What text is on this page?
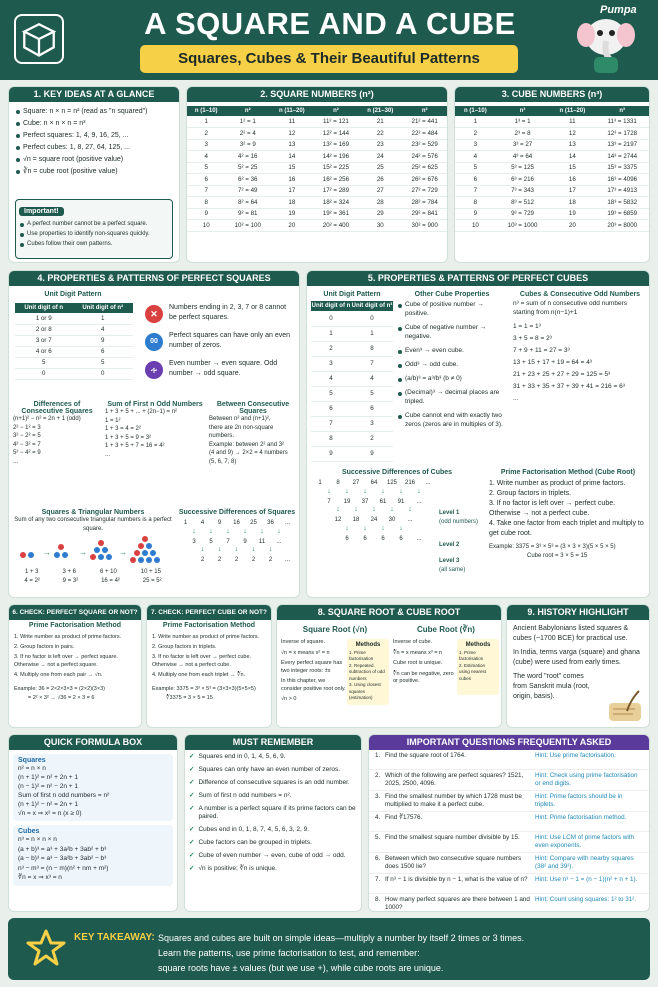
A SQUARE AND A CUBE
Squares, Cubes & Their Beautiful Patterns
Pumpa
1. KEY IDEAS AT A GLANCE
Square: n × n = n² (read as "n squared")
Cube: n × n × n = n³
Perfect squares: 1, 4, 9, 16, 25, ...
Perfect cubes: 1, 8, 27, 64, 125, ...
√n = square root (positive value)
∛n = cube root (positive value)
Important!
A perfect number cannot be a perfect square.
Use properties to identify non-squares quickly.
Cubes follow their own patterns.
2. SQUARE NUMBERS (n²)
n (1–10)	n²	n (11–20)	n²	n (21–30)	n²
1	1² = 1	11	11² = 121	21	21² = 441
2	2² = 4	12	12² = 144	22	22² = 484
3	3² = 9	13	13² = 169	23	23² = 529
4	4² = 16	14	14² = 196	24	24² = 576
5	5² = 25	15	15² = 225	25	25² = 625
6	6² = 36	16	16² = 256	26	26² = 676
7	7² = 49	17	17² = 289	27	27² = 729
8	8² = 64	18	18² = 324	28	28² = 784
9	9² = 81	19	19² = 361	29	29² = 841
10	10² = 100	20	20² = 400	30	30² = 900
3. CUBE NUMBERS (n³)
n (1–10)	n³	n (11–20)	n³
1	1³ = 1	11	11³ = 1331
2	2³ = 8	12	12³ = 1728
3	3³ = 27	13	13³ = 2197
4	4³ = 64	14	14³ = 2744
5	5³ = 125	15	15³ = 3375
6	6³ = 216	16	16³ = 4096
7	7³ = 343	17	17³ = 4913
8	8³ = 512	18	18³ = 5832
9	9³ = 729	19	19³ = 6859
10	10³ = 1000	20	20³ = 8000
4. PROPERTIES & PATTERNS OF PERFECT SQUARES
Unit Digit Pattern
Unit digit of n	Unit digit of n²
1 or 9	1
2 or 8	4
3 or 7	9
4 or 6	6
5	5
0	0
✕
Numbers ending in 2, 3, 7 or 8 cannot be perfect squares.
00
Perfect squares can have only an even number of zeros.
∻
Even number → even square. Odd number → odd square.
Differences of Consecutive Squares
(n+1)² − n² = 2n + 1 (odd)
2² − 1² = 3
3² − 2² = 5
4² − 3² = 7
5² − 4² = 9
...
Sum of First n Odd Numbers
1 + 3 + 5 + ... + (2n−1) = n²
1 = 1²
1 + 3 = 4 = 2²
1 + 3 + 5 = 9 = 3²
1 + 3 + 5 + 7 = 16 = 4²
...
Between Consecutive Squares
Between n² and (n+1)²,
there are 2n non-square
numbers.
Example: between 2² and 3²
(4 and 9) → 2×2 = 4 numbers
(5, 6, 7, 8)
Squares & Triangular Numbers
Sum of any two consecutive triangular numbers is a perfect square.
→	→	→
1 + 3	3 + 6	6 + 10	10 + 15
4 = 2²	9 = 3²	16 = 4²	25 = 5²
Successive Differences of Squares
1	4	9	16	25	36	...
↓	↓	↓	↓	↓	↓
3	5	7	9	11	...
↓	↓	↓	↓	↓
2	2	2	2	2	...
5. PROPERTIES & PATTERNS OF PERFECT CUBES
Unit Digit Pattern
Unit digit of n	Unit digit of n³
0	0
1	1
2	8
3	7
4	4
5	5
6	6
7	3
8	2
9	9
Other Cube Properties
Cube of positive number → positive.
Cube of negative number → negative.
Even³ → even cube.
Odd³ → odd cube.
(a/b)³ = a³/b³ (b ≠ 0)
(Decimal)³ → decimal places are tripled.
Cube cannot end with exactly two zeros (zeros are in multiples of 3).
Cubes & Consecutive Odd Numbers
n³ = sum of n consecutive odd numbers starting from n(n−1)+1
1 = 1 = 1³
3 + 5 = 8 = 2³
7 + 9 + 11 = 27 = 3³
13 + 15 + 17 + 19 = 64 = 4³
21 + 23 + 25 + 27 + 29 = 125 = 5³
31 + 33 + 35 + 37 + 39 + 41 = 216 = 6³
...
Successive Differences of Cubes
1	8	27	64	125	216	...
↓	↓	↓	↓	↓	↓
7	19	37	61	91	...
↓	↓	↓	↓	↓
12	18	24	30	...
↓	↓	↓	↓
6	6	6	6	...
Level 1
(odd numbers)
Level 2
Level 3
(all same)
Prime Factorisation Method (Cube Root)
1. Write number as product of prime factors.
2. Group factors in triplets.
3. If no factor is left over → perfect cube. Otherwise → not a perfect cube.
4. Take one factor from each triplet and multiply to get cube root.
Example: 3375 = 3³ × 5³ = (3 × 3 × 3)(5 × 5 × 5)
Cube root = 3 × 5 = 15
6. CHECK: PERFECT SQUARE OR NOT?
Prime Factorisation Method
1. Write number as product of prime factors.
2. Group factors in pairs.
3. If no factor is left over → perfect square. Otherwise → not a perfect square.
4. Multiply one from each pair → √n.
Example: 36 = 2×2×3×3 = (2×2)(3×3)
= 2² × 3² → √36 = 2 × 3 = 6
7. CHECK: PERFECT CUBE OR NOT?
Prime Factorisation Method
1. Write number as product of prime factors.
2. Group factors in triplets.
3. If no factor is left over → perfect cube. Otherwise → not a perfect cube.
4. Multiply one from each triplet → ∛n.
Example: 3375 = 3³ × 5³ = (3×3×3)(5×5×5)
∛3375 = 3 × 5 = 15
8. SQUARE ROOT & CUBE ROOT
Square Root (√n)
Inverse of square.
√n = x means x² = n
Every perfect square has two integer roots: ±x
In this chapter, we consider positive root only.
√n > 0
Methods
1. Prime factorisation
2. Repeated subtraction of odd numbers
3. Using closest squares (estimation)
Cube Root (∛n)
Inverse of cube.
∛n = x means x³ = n
Cube root is unique.
∛n can be negative, zero or positive.
Methods
1. Prime factorisation
2. Estimation using nearest cubes
9. HISTORY HIGHLIGHT
Ancient Babylonians listed squares & cubes (~1700 BCE) for practical use.
In India, terms varga (square) and ghana (cube) were used from early times.
The word "root" comes from Sanskrit mula (root, origin, basis).
QUICK FORMULA BOX
Squares
n² = n × n
(n + 1)² = n² + 2n + 1
(n − 1)² = n² − 2n + 1
Sum of first n odd numbers = n²
(n + 1)² − n² = 2n + 1
√n = x ⇒ x² = n (x ≥ 0)
Cubes
n³ = n × n × n
(a + b)³ = a³ + 3a²b + 3ab² + b³
(a − b)³ = a³ − 3a²b + 3ab² − b³
n³ − m³ = (n − m)(n² + nm + m²)
∛n = x ⇒ x³ = n
MUST REMEMBER
✓ Squares end in 0, 1, 4, 5, 6, 9.
✓ Squares can only have an even number of zeros.
✓ Difference of consecutive squares is an odd number.
✓ Sum of first n odd numbers = n².
✓ A number is a perfect square if its prime factors can be paired.
✓ Cubes end in 0, 1, 8, 7, 4, 5, 6, 3, 2, 9.
✓ Cube factors can be grouped in triplets.
✓ Cube of even number → even, cube of odd → odd.
✓ √n is positive; ∛n is unique.
IMPORTANT QUESTIONS FREQUENTLY ASKED
1. Find the square root of 1764.	Hint: Use prime factorisation.
2. Which of the following are perfect squares? 1521, 2025, 2500, 4096.
Hint: Check using prime factorisation or end digits.
3. Find the smallest number by which 1728 must be multiplied to make it a perfect cube.
Hint: Prime factors should be in triplets.
4. Find ∛17576.	Hint: Prime factorisation method.
5. Find the smallest square number divisible by 15.	Hint: Use LCM of prime factors with even exponents.
6. Between which two consecutive square numbers does 1500 lie?
Hint: Compare with nearby squares (38² and 39²).
7. If n³ − 1 is divisible by n − 1, what is the value of n?	Hint: Use n³ − 1 = (n − 1)(n² + n + 1).
8. How many perfect squares are there between 1 and 1000?
Hint: Count using squares: 1² to 31².
KEY TAKEAWAY: Squares and cubes are built on simple ideas—multiply a number by itself 2 times or 3 times.
Learn the patterns, use prime factorisation to test, and remember:
square roots have ± values (but we use +), while cube roots are unique.
